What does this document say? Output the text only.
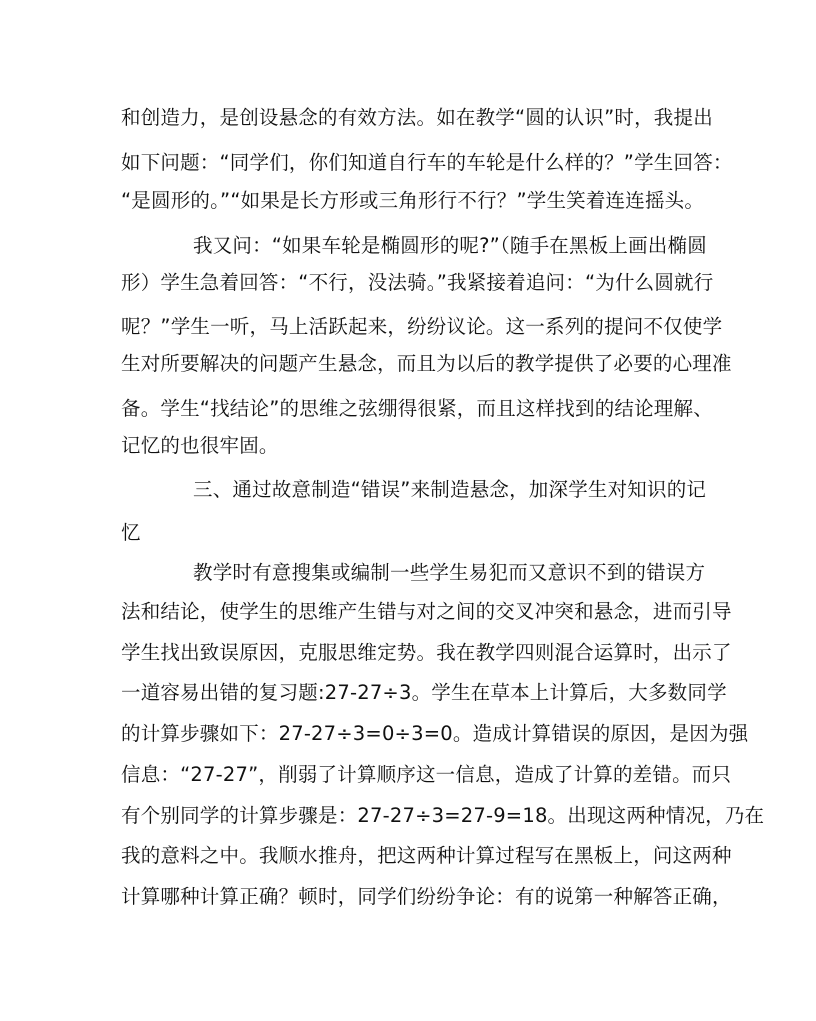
和创造力，是创设悬念的有效方法。如在教学“圆的认识”时，我提出
如下问题：“同学们，你们知道自行车的车轮是什么样的？”学生回答：
“是圆形的。”“如果是长方形或三角形行不行？”学生笑着连连摇头。
我又问：“如果车轮是椭圆形的呢?”（随手在黑板上画出椭圆
形）学生急着回答：“不行，没法骑。”我紧接着追问：“为什么圆就行
呢？”学生一听，马上活跃起来，纷纷议论。这一系列的提问不仅使学
生对所要解决的问题产生悬念，而且为以后的教学提供了必要的心理准
备。学生“找结论”的思维之弦绷得很紧，而且这样找到的结论理解、
记忆的也很牢固。
三、通过故意制造“错误”来制造悬念，加深学生对知识的记
忆
教学时有意搜集或编制一些学生易犯而又意识不到的错误方
法和结论，使学生的思维产生错与对之间的交叉冲突和悬念，进而引导
学生找出致误原因，克服思维定势。我在教学四则混合运算时，出示了
一道容易出错的复习题:27-27÷3。学生在草本上计算后，大多数同学
的计算步骤如下：27-27÷3=0÷3=0。造成计算错误的原因，是因为强
信息：“27-27”，削弱了计算顺序这一信息，造成了计算的差错。而只
有个别同学的计算步骤是：27-27÷3=27-9=18。出现这两种情况，乃在
我的意料之中。我顺水推舟，把这两种计算过程写在黑板上，问这两种
计算哪种计算正确？顿时，同学们纷纷争论：有的说第一种解答正确，
